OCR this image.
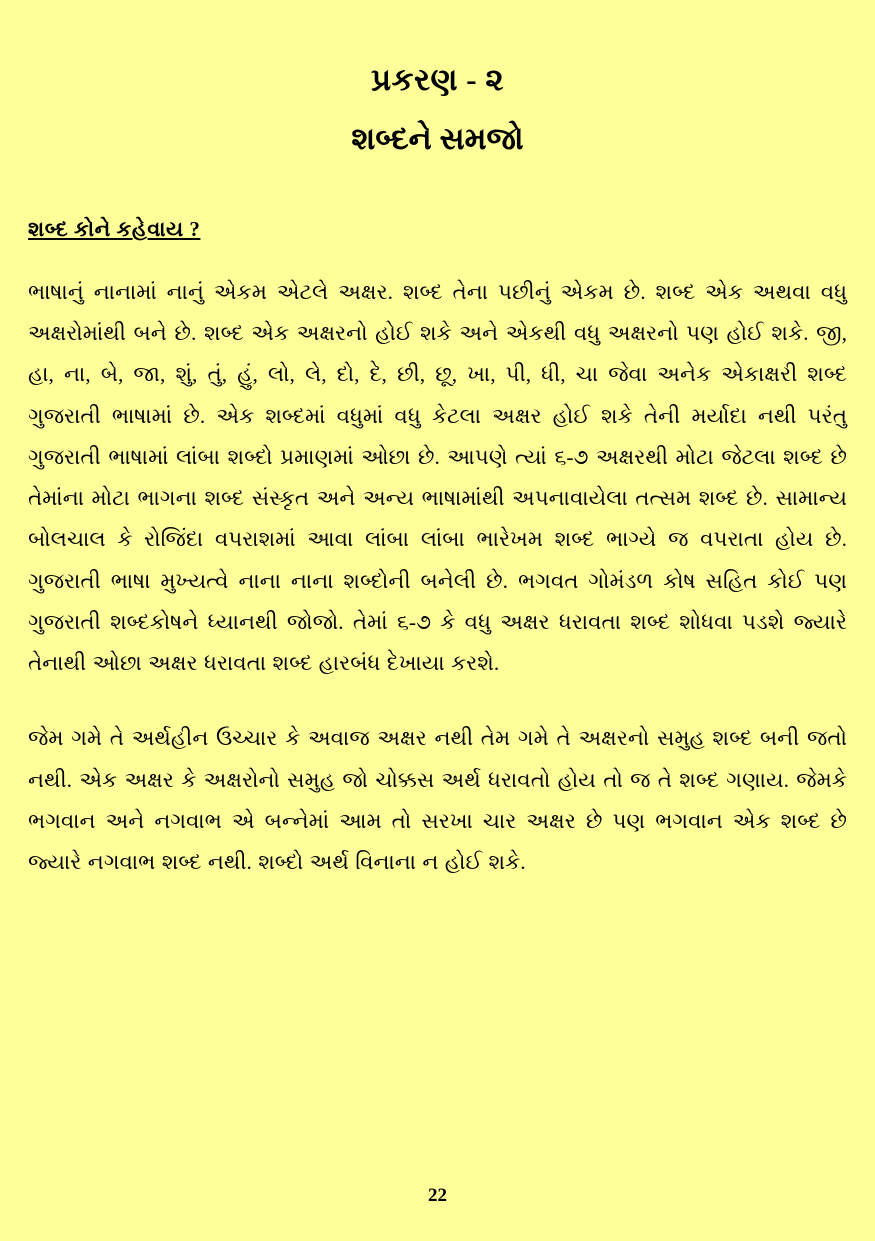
પ્રકરણ - ૨
શબ્દને સમજો
શબ્દ કોને કહેવાય ?

ભાષાનું નાનામાં નાનું એકમ એટલે અક્ષર. શબ્દ તેના પછીનું એકમ છે. શબ્દ એક અથવા વધુ અક્ષરોમાંથી બને છે. શબ્દ એક અક્ષરનો હોઈ શકે અને એકથી વધુ અક્ષરનો પણ હોઈ શકે. જી, હા, ના, બે, જા, શું, તું, હું, લો, લે, દો, દે, છી, છૂ, ખા, પી, ધી, ચા જેવા અનેક એકાક્ષરી શબ્દ ગુજરાતી ભાષામાં છે. એક શબ્દમાં વધુમાં વધુ કેટલા અક્ષર હોઈ શકે તેની મર્યાદા નથી પરંતુ ગુજરાતી ભાષામાં લાંબા શબ્દો પ્રમાણમાં ઓછા છે. આપણે ત્યાં ૬-૭ અક્ષરથી મોટા જેટલા શબ્દ છે તેમાંના મોટા ભાગના શબ્દ સંસ્કૃત અને અન્ય ભાષામાંથી અપનાવાયેલા તત્સમ શબ્દ છે. સામાન્ય બોલચાલ કે રોજિંદા વપરાશમાં આવા લાંબા લાંબા ભારેખમ શબ્દ ભાગ્યે જ વપરાતા હોય છે. ગુજરાતી ભાષા મુખ્યત્વે નાના નાના શબ્દોની બનેલી છે. ભગવત ગોમંડળ કોષ સહિત કોઈ પણ ગુજરાતી શબ્દકોષને ધ્યાનથી જોજો. તેમાં ૬-૭ કે વધુ અક્ષર ધરાવતા શબ્દ શોધવા પડશે જ્યારે તેનાથી ઓછા અક્ષર ધરાવતા શબ્દ હારબંધ દેખાયા કરશે.

જેમ ગમે તે અર્થહીન ઉચ્ચાર કે અવાજ અક્ષર નથી તેમ ગમે તે અક્ષરનો સમુહ શબ્દ બની જતો નથી. એક અક્ષર કે અક્ષરોનો સમુહ જો ચોક્કસ અર્થ ધરાવતો હોય તો જ તે શબ્દ ગણાય. જેમકે ભગવાન અને નગવાભ એ બન્નેમાં આમ તો સરખા ચાર અક્ષર છે પણ ભગવાન એક શબ્દ છે જ્યારે નગવાભ શબ્દ નથી. શબ્દો અર્થ વિનાના ન હોઈ શકે.

22
